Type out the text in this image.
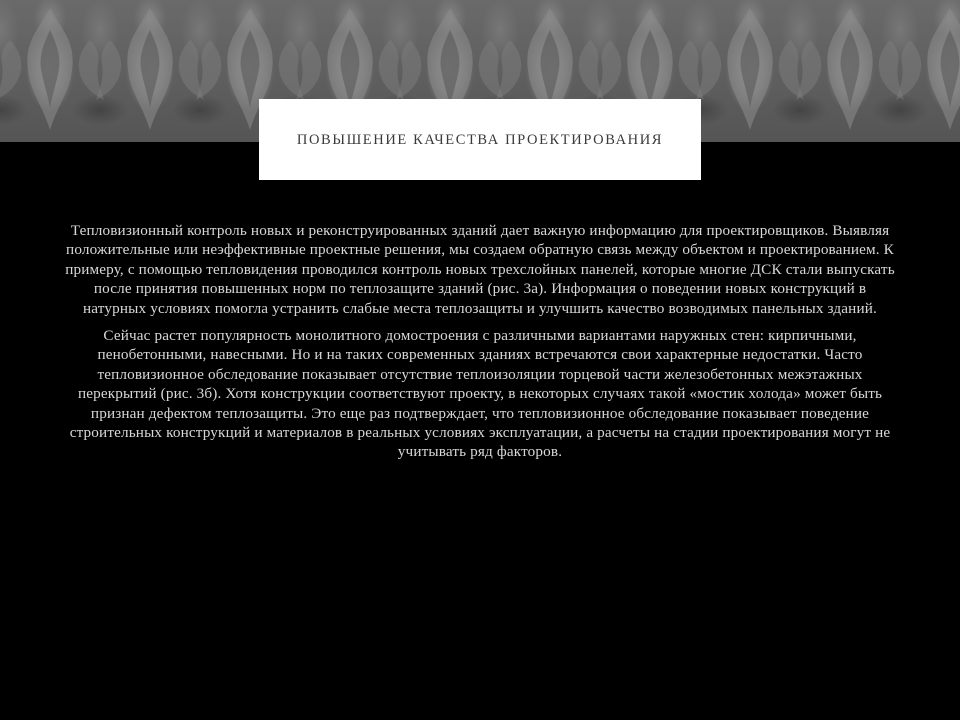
ПОВЫШЕНИЕ КАЧЕСТВА ПРОЕКТИРОВАНИЯ

Тепловизионный контроль новых и реконструированных зданий дает важную информацию для проектировщиков. Выявляя положительные или неэффективные проектные решения, мы создаем обратную связь между объектом и проектированием. К примеру, с помощью тепловидения проводился контроль новых трехслойных панелей, которые многие ДСК стали выпускать после принятия повышенных норм по теплозащите зданий (рис. 3а). Информация о поведении новых конструкций в натурных условиях помогла устранить слабые места теплозащиты и улучшить качество возводимых панельных зданий.

Сейчас растет популярность монолитного домостроения с различными вариантами наружных стен: кирпичными, пенобетонными, навесными. Но и на таких современных зданиях встречаются свои характерные недостатки. Часто тепловизионное обследование показывает отсутствие теплоизоляции торцевой части железобетонных межэтажных перекрытий (рис. 3б). Хотя конструкции соответствуют проекту, в некоторых случаях такой «мостик холода» может быть признан дефектом теплозащиты. Это еще раз подтверждает, что тепловизионное обследование показывает поведение строительных конструкций и материалов в реальных условиях эксплуатации, а расчеты на стадии проектирования могут не учитывать ряд факторов.
